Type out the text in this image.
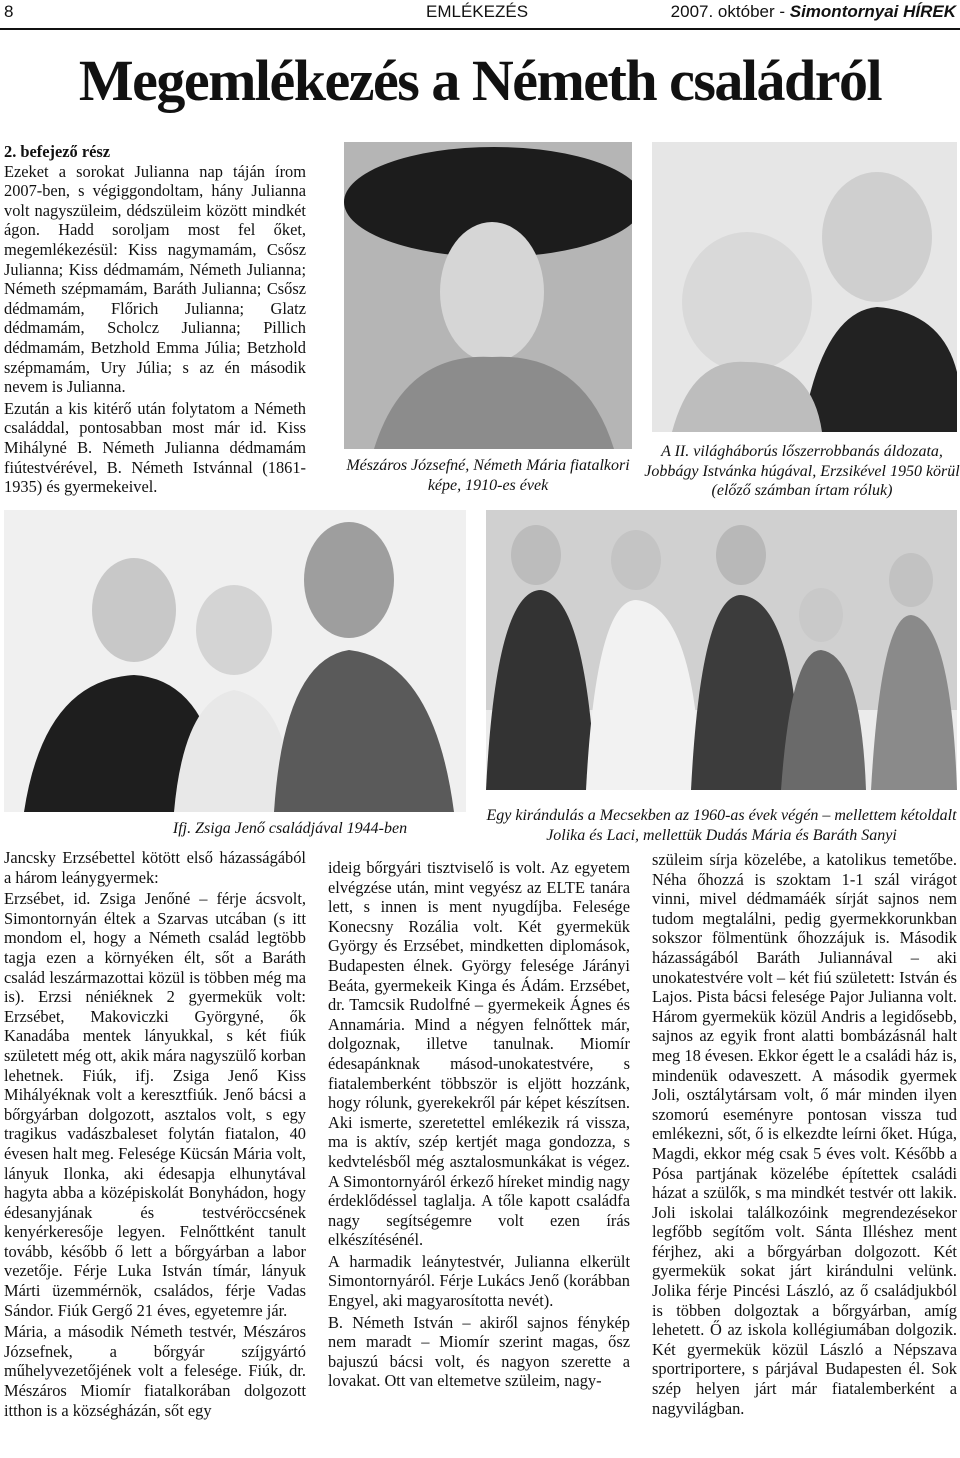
8	EMLÉKEZÉS	2007. október - Simontornyai HÍREK
Megemlékezés a Németh családról

2. befejező rész

Ezeket a sorokat Julianna nap táján írom 2007-ben, s végiggondoltam, hány Julianna volt nagyszüleim, dédszüleim között mindkét ágon. Hadd soroljam most fel őket, megemlékezésül: Kiss nagymamám, Csősz Julianna; Kiss dédmamám, Németh Julianna; Németh szépmamám, Baráth Julianna; Csősz dédmamám, Flőrich Julianna; Glatz dédmamám, Scholcz Julianna; Pillich dédmamám, Betzhold Emma Júlia; Betzhold szépmamám, Ury Júlia; s az én második nevem is Julianna.

Ezután a kis kitérő után folytatom a Németh családdal, pontosabban most már id. Kiss Mihályné B. Németh Julianna dédmamám fiútestvérével, B. Németh Istvánnal (1861-1935) és gyermekeivel.

Mészáros Józsefné, Németh Mária fiatalkori képe, 1910-es évek
A II. világháborús lőszerrobbanás áldozata, Jobbágy Istvánka húgával, Erzsikével 1950 körül (előző számban írtam róluk)
Ifj. Zsiga Jenő családjával 1944-ben
Egy kirándulás a Mecsekben az 1960-as évek végén – mellettem kétoldalt Jolika és Laci, mellettük Dudás Mária és Baráth Sanyi

Jancsky Erzsébettel kötött első házasságából a három leánygyermek:

Erzsébet, id. Zsiga Jenőné – férje ácsvolt, Simontornyán éltek a Szarvas utcában (s itt mondom el, hogy a Németh család legtöbb tagja ezen a környéken élt, sőt a Baráth család leszármazottai közül is többen még ma is). Erzsi néniéknek 2 gyermekük volt: Erzsébet, Makoviczki Györgyné, ők Kanadába mentek lányukkal, s két fiúk született még ott, akik mára nagyszülő korban lehetnek. Fiúk, ifj. Zsiga Jenő Kiss Mihályéknak volt a keresztfiúk. Jenő bácsi a bőrgyárban dolgozott, asztalos volt, s egy tragikus vadászbaleset folytán fiatalon, 40 évesen halt meg. Felesége Kücsán Mária volt, lányuk Ilonka, aki édesapja elhunytával hagyta abba a középiskolát Bonyhádon, hogy édesanyjának és testvéröccsének kenyérkeresője legyen. Felnőttként tanult tovább, később ő lett a bőrgyárban a labor vezetője. Férje Luka István tímár, lányuk Márti üzemmérnök, családos, férje Vadas Sándor. Fiúk Gergő 21 éves, egyetemre jár.

Mária, a második Németh testvér, Mészáros Józsefnek, a bőrgyár szíjgyártó műhelyvezetőjének volt a felesége. Fiúk, dr. Mészáros Miomír fiatalkorában dolgozott itthon is a községházán, sőt egy

ideig bőrgyári tisztviselő is volt. Az egyetem elvégzése után, mint vegyész az ELTE tanára lett, s innen is ment nyugdíjba. Felesége Konecsny Rozália volt. Két gyermekük György és Erzsébet, mindketten diplomások, Budapesten élnek. György felesége Járányi Beáta, gyermekeik Kinga és Ádám. Erzsébet, dr. Tamcsik Rudolfné – gyermekeik Ágnes és Annamária. Mind a négyen felnőttek már, dolgoznak, illetve tanulnak. Miomír édesapánknak másod-unokatestvére, s fiatalemberként többször is eljött hozzánk, hogy rólunk, gyerekekről pár képet készítsen. Aki ismerte, szeretettel emlékezik rá vissza, ma is aktív, szép kertjét maga gondozza, s kedvtelésből még asztalosmunkákat is végez. A Simontornyáról érkező híreket mindig nagy érdeklődéssel taglalja. A tőle kapott családfa nagy segítségemre volt ezen írás elkészítésénél.

A harmadik leánytestvér, Julianna elkerült Simontornyáról. Férje Lukács Jenő (korábban Engyel, aki magyarosította nevét).

B. Németh István – akiről sajnos fénykép nem maradt – Miomír szerint magas, ősz bajuszú bácsi volt, és nagyon szerette a lovakat. Ott van eltemetve szüleim, nagy-

szüleim sírja közelébe, a katolikus temetőbe. Néha őhozzá is szoktam 1-1 szál virágot vinni, mivel dédmamáék sírját sajnos nem tudom megtalálni, pedig gyermekkorunkban sokszor fölmentünk őhozzájuk is. Második házasságából Baráth Juliannával – aki unokatestvére volt – két fiú született: István és Lajos. Pista bácsi felesége Pajor Julianna volt. Három gyermekük közül Andris a legidősebb, sajnos az egyik front alatti bombázásnál halt meg 18 évesen. Ekkor égett le a családi ház is, mindenük odaveszett. A második gyermek Joli, osztálytársam volt, ő már minden ilyen szomorú eseményre pontosan vissza tud emlékezni, sőt, ő is elkezdte leírni őket. Húga, Magdi, ekkor még csak 5 éves volt. Később a Pósa partjának közelébe építettek családi házat a szülők, s ma mindkét testvér ott lakik. Joli iskolai találkozóink megrendezésekor legfőbb segítőm volt. Sánta Illéshez ment férjhez, aki a bőrgyárban dolgozott. Két gyermekük sokat járt kirándulni velünk. Jolika férje Pincési László, az ő családjukból is többen dolgoztak a bőrgyárban, amíg lehetett. Ő az iskola kollégiumában dolgozik. Két gyermekük közül László a Népszava sportriportere, s párjával Budapesten él. Sok szép helyen járt már fiatalemberként a nagyvilágban.
